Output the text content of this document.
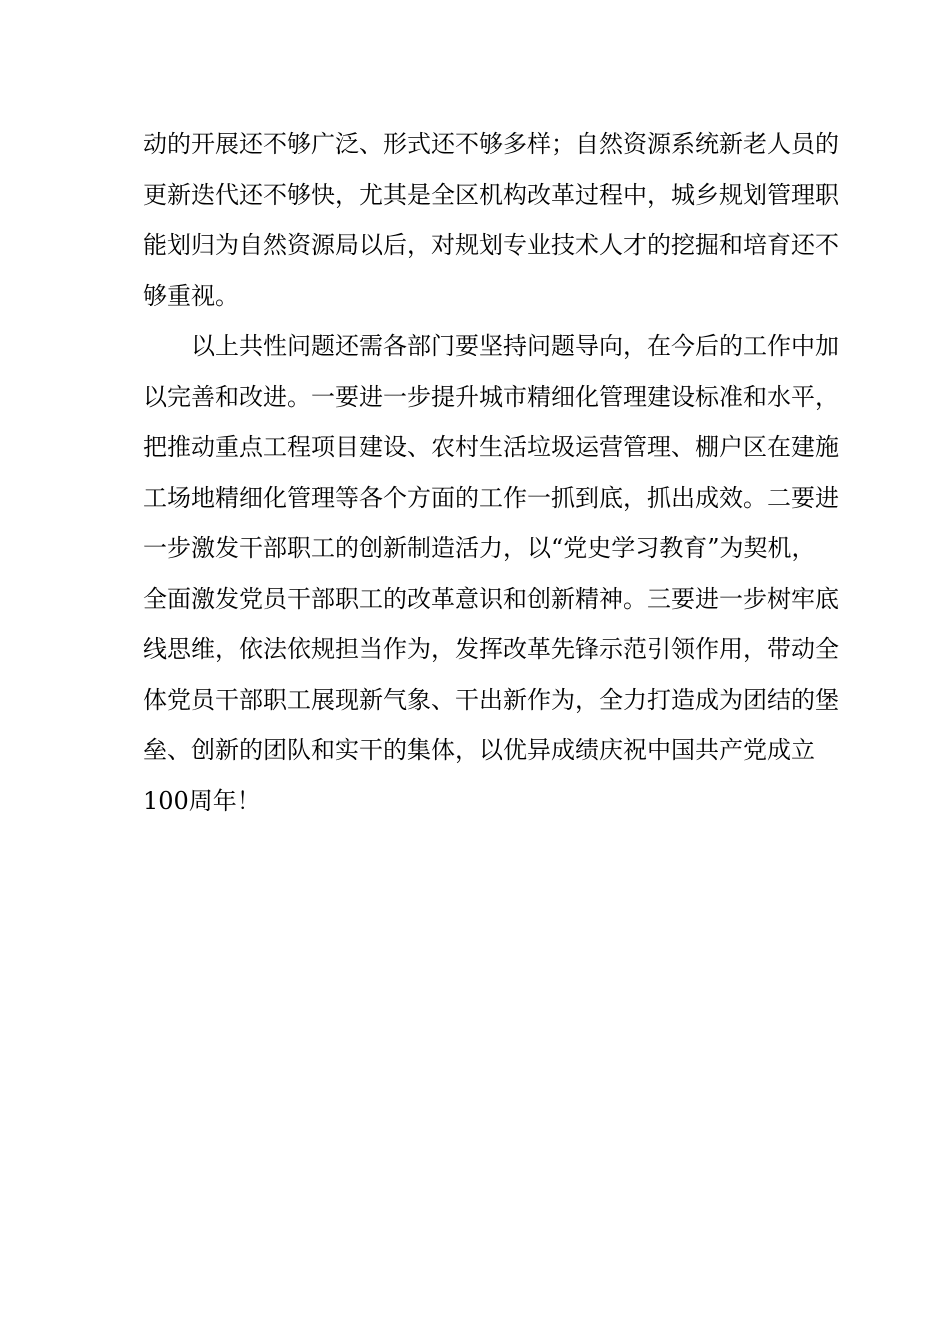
动的开展还不够广泛、形式还不够多样；自然资源系统新老人员的
更新迭代还不够快，尤其是全区机构改革过程中，城乡规划管理职
能划归为自然资源局以后，对规划专业技术人才的挖掘和培育还不
够重视。

以上共性问题还需各部门要坚持问题导向，在今后的工作中加
以完善和改进。一要进一步提升城市精细化管理建设标准和水平，
把推动重点工程项目建设、农村生活垃圾运营管理、棚户区在建施
工场地精细化管理等各个方面的工作一抓到底，抓出成效。二要进
一步激发干部职工的创新制造活力，以“党史学习教育”为契机，
全面激发党员干部职工的改革意识和创新精神。三要进一步树牢底
线思维，依法依规担当作为，发挥改革先锋示范引领作用，带动全
体党员干部职工展现新气象、干出新作为，全力打造成为团结的堡
垒、创新的团队和实干的集体，以优异成绩庆祝中国共产党成立
100周年！
